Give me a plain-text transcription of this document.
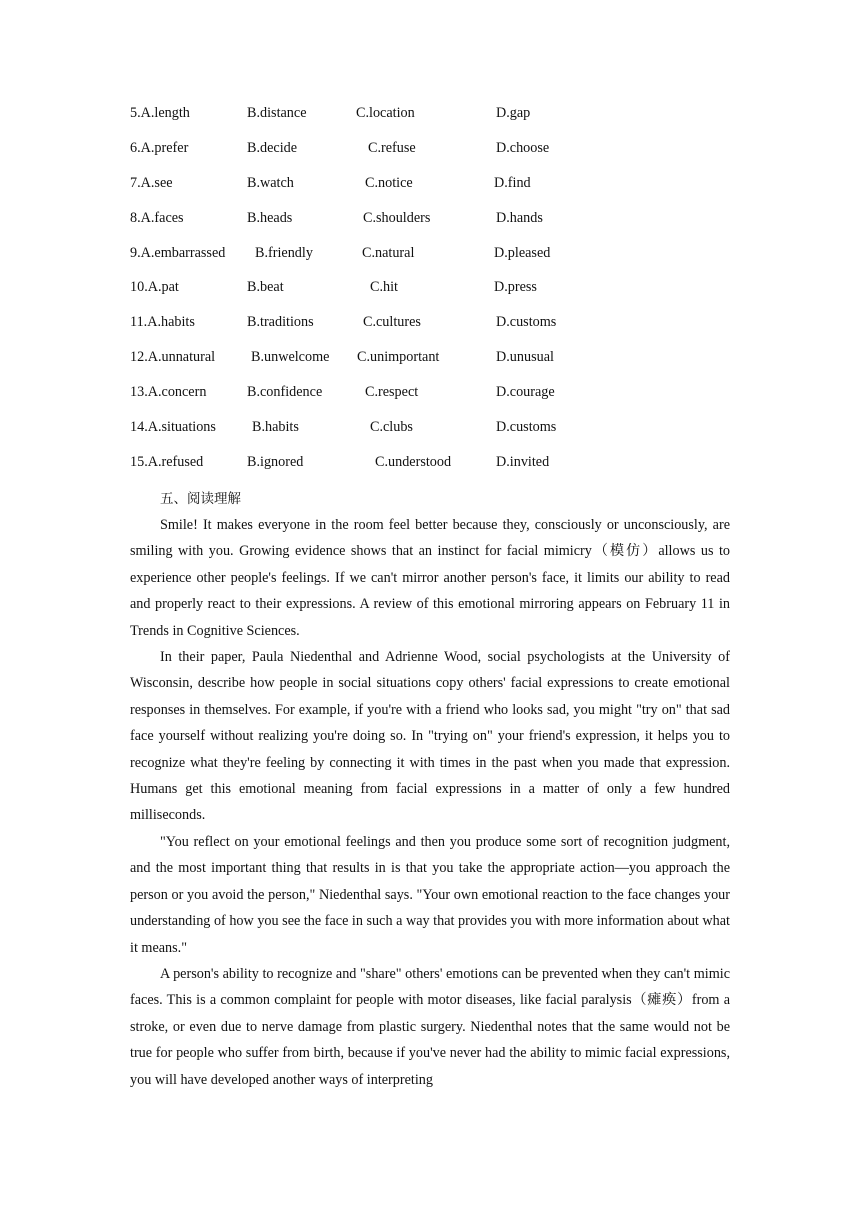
5.A.length	B.distance	C.location	D.gap
6.A.prefer	B.decide	C.refuse	D.choose
7.A.see	B.watch	C.notice	D.find
8.A.faces	B.heads	C.shoulders	D.hands
9.A.embarrassed B.friendly	C.natural	D.pleased
10.A.pat	B.beat	C.hit	D.press
11.A.habits	B.traditions	C.cultures	D.customs
12.A.unnatural	B.unwelcome C.unimportant	D.unusual
13.A.concern	B.confidence	C.respect	D.courage
14.A.situations	B.habits	C.clubs	D.customs
15.A.refused	B.ignored	C.understood	D.invited
五、阅读理解

Smile! It makes everyone in the room feel better because they, consciously or unconsciously, are smiling with you. Growing evidence shows that an instinct for facial mimicry（模仿）allows us to experience other people's feelings. If we can't mirror another person's face, it limits our ability to read and properly react to their expressions. A review of this emotional mirroring appears on February 11 in Trends in Cognitive Sciences.

In their paper, Paula Niedenthal and Adrienne Wood, social psychologists at the University of Wisconsin, describe how people in social situations copy others' facial expressions to create emotional responses in themselves. For example, if you're with a friend who looks sad, you might "try on" that sad face yourself without realizing you're doing so. In "trying on" your friend's expression, it helps you to recognize what they're feeling by connecting it with times in the past when you made that expression. Humans get this emotional meaning from facial expressions in a matter of only a few hundred milliseconds.

"You reflect on your emotional feelings and then you produce some sort of recognition judgment, and the most important thing that results in is that you take the appropriate action—you approach the person or you avoid the person," Niedenthal says. "Your own emotional reaction to the face changes your understanding of how you see the face in such a way that provides you with more information about what it means."

A person's ability to recognize and "share" others' emotions can be prevented when they can't mimic faces. This is a common complaint for people with motor diseases, like facial paralysis（瘫痪）from a stroke, or even due to nerve damage from plastic surgery. Niedenthal notes that the same would not be true for people who suffer from birth, because if you've never had the ability to mimic facial expressions, you will have developed another ways of interpreting
